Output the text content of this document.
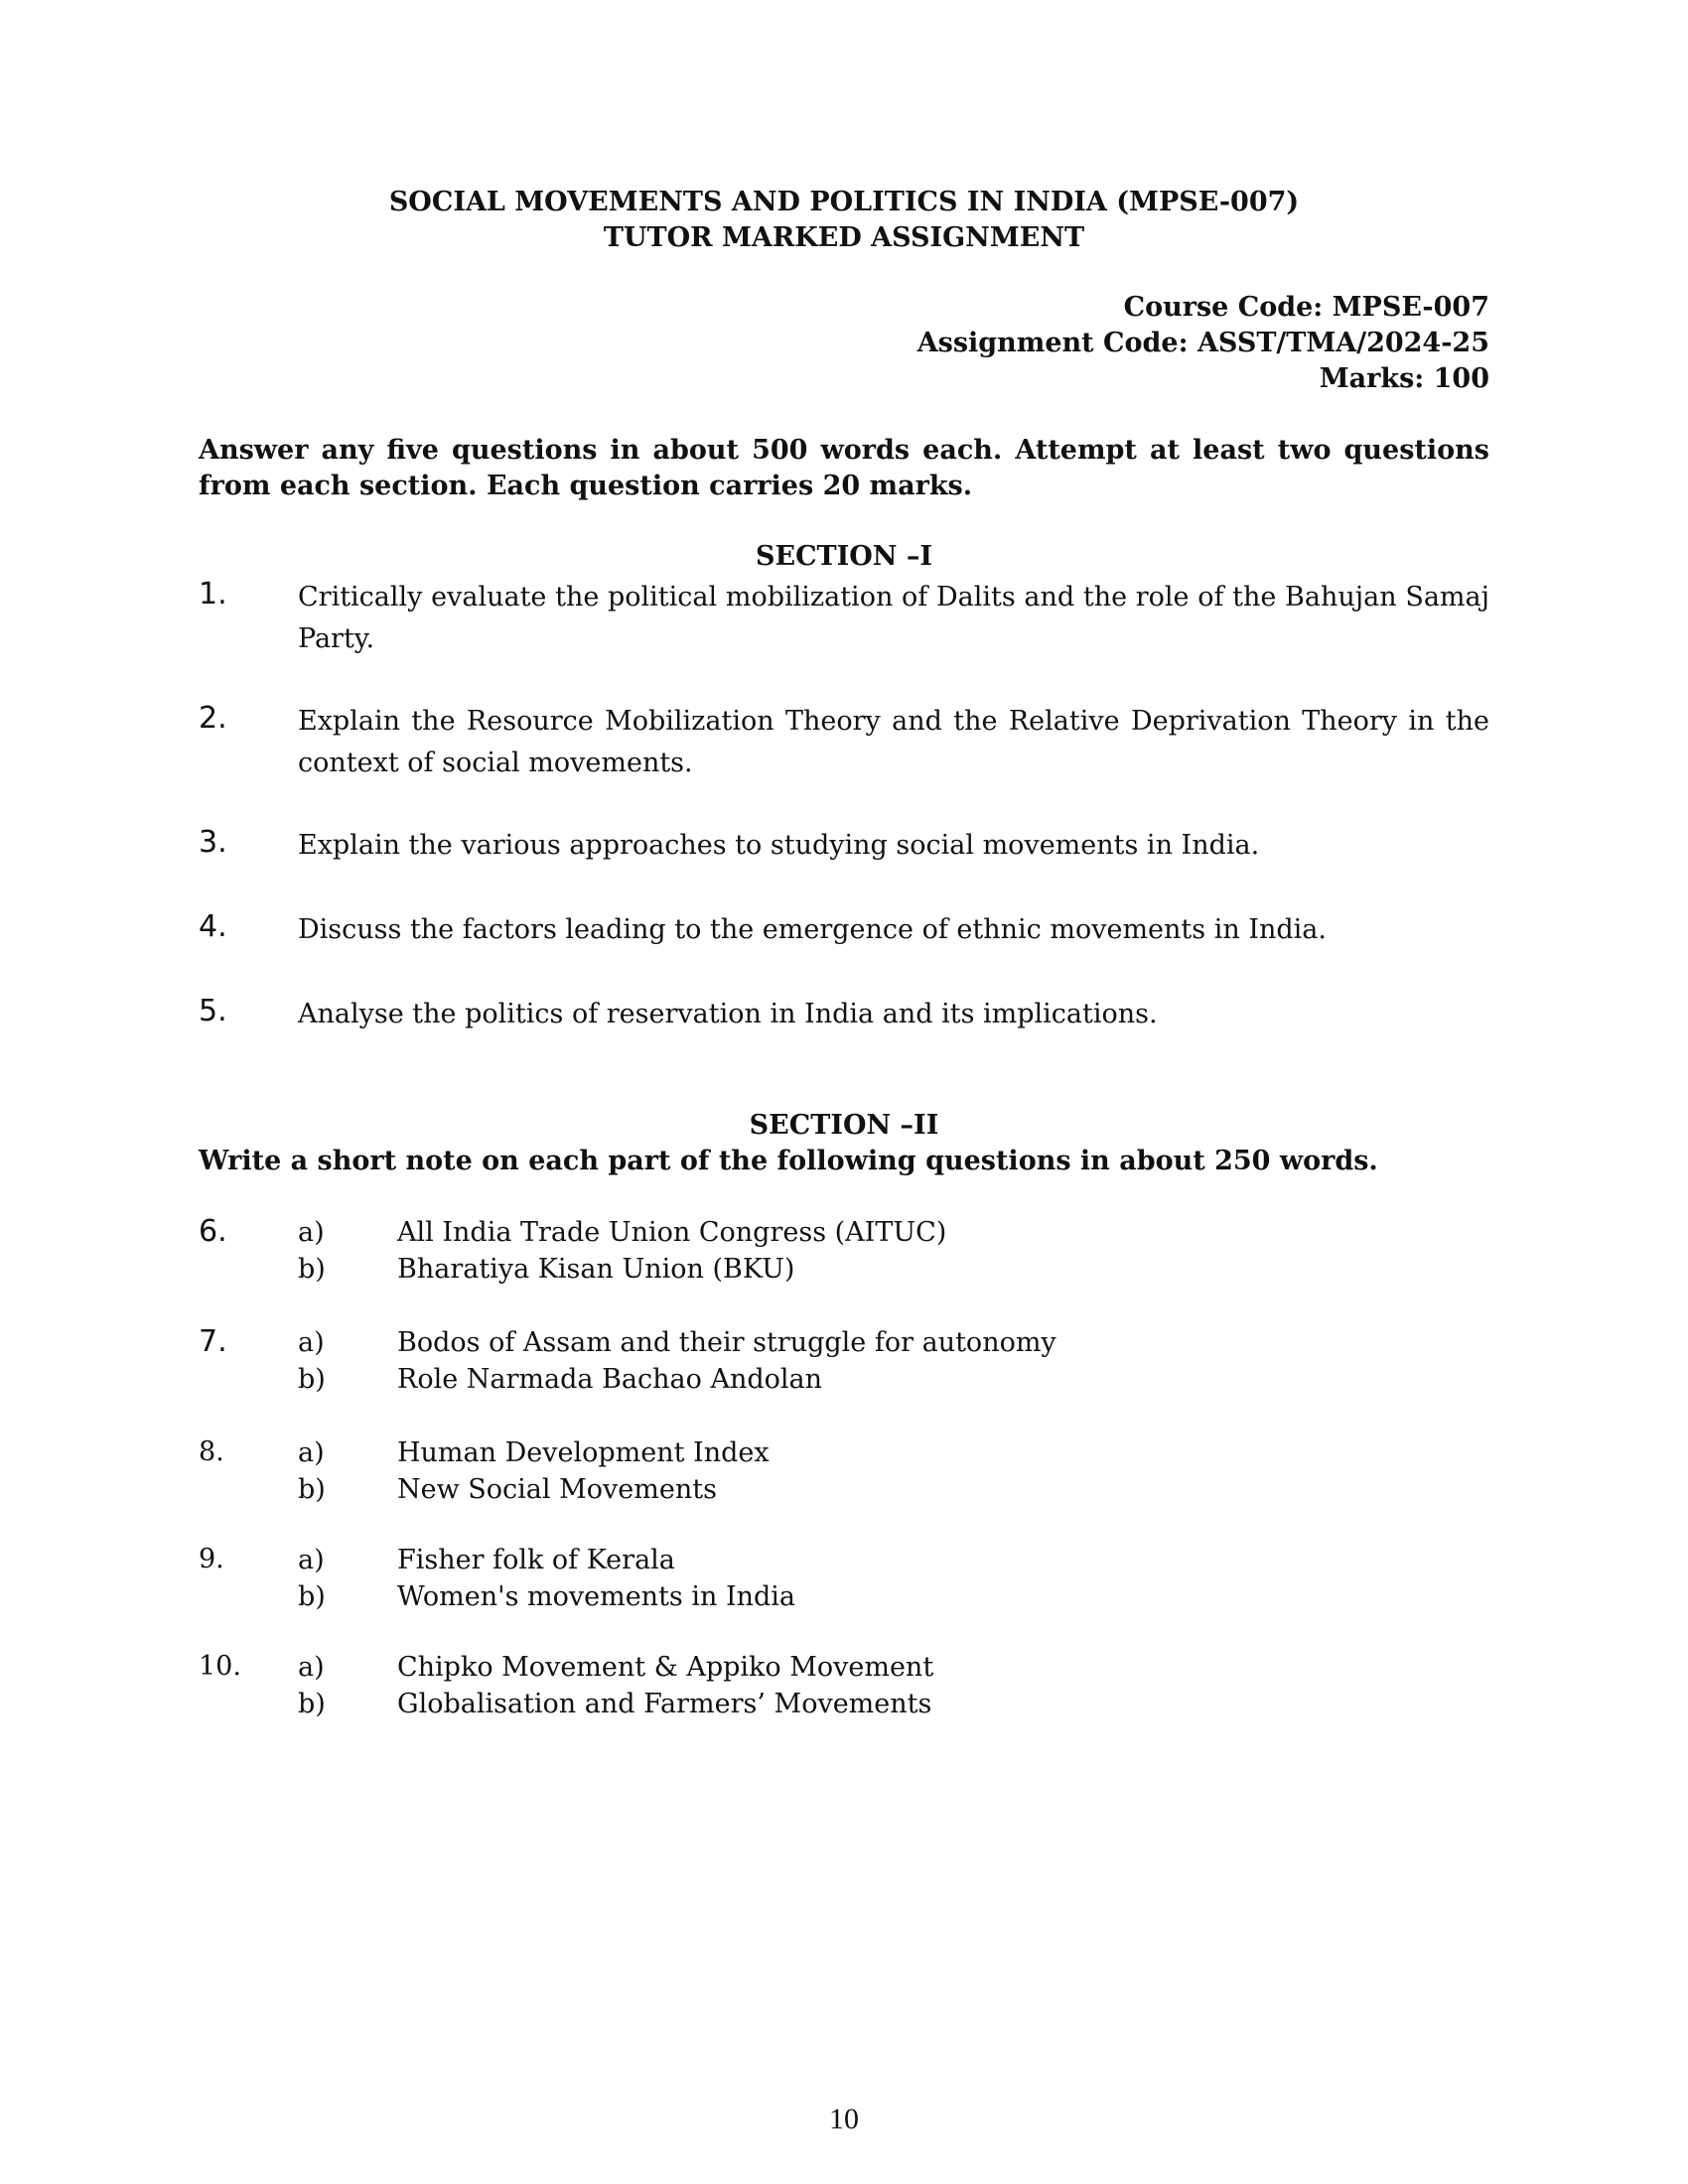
SOCIAL MOVEMENTS AND POLITICS IN INDIA (MPSE-007)
TUTOR MARKED ASSIGNMENT
Course Code: MPSE-007
Assignment Code: ASST/TMA/2024-25
Marks: 100
Answer any five questions in about 500 words each. Attempt at least two questions from each section. Each question carries 20 marks.
SECTION –I
1.	Critically evaluate the political mobilization of Dalits and the role of the Bahujan Samaj Party.
2.	Explain the Resource Mobilization Theory and the Relative Deprivation Theory in the context of social movements.
3.	Explain the various approaches to studying social movements in India.
4.	Discuss the factors leading to the emergence of ethnic movements in India.
5.	Analyse the politics of reservation in India and its implications.
SECTION –II
Write a short note on each part of the following questions in about 250 words.
6.	a)	All India Trade Union Congress (AITUC)
b)	Bharatiya Kisan Union (BKU)
7.	a)	Bodos of Assam and their struggle for autonomy
b)	Role Narmada Bachao Andolan
8.	a)	Human Development Index
b)	New Social Movements
9.	a)	Fisher folk of Kerala
b)	Women's movements in India
10. a)	Chipko Movement & Appiko Movement
b)	Globalisation and Farmers’ Movements
10
